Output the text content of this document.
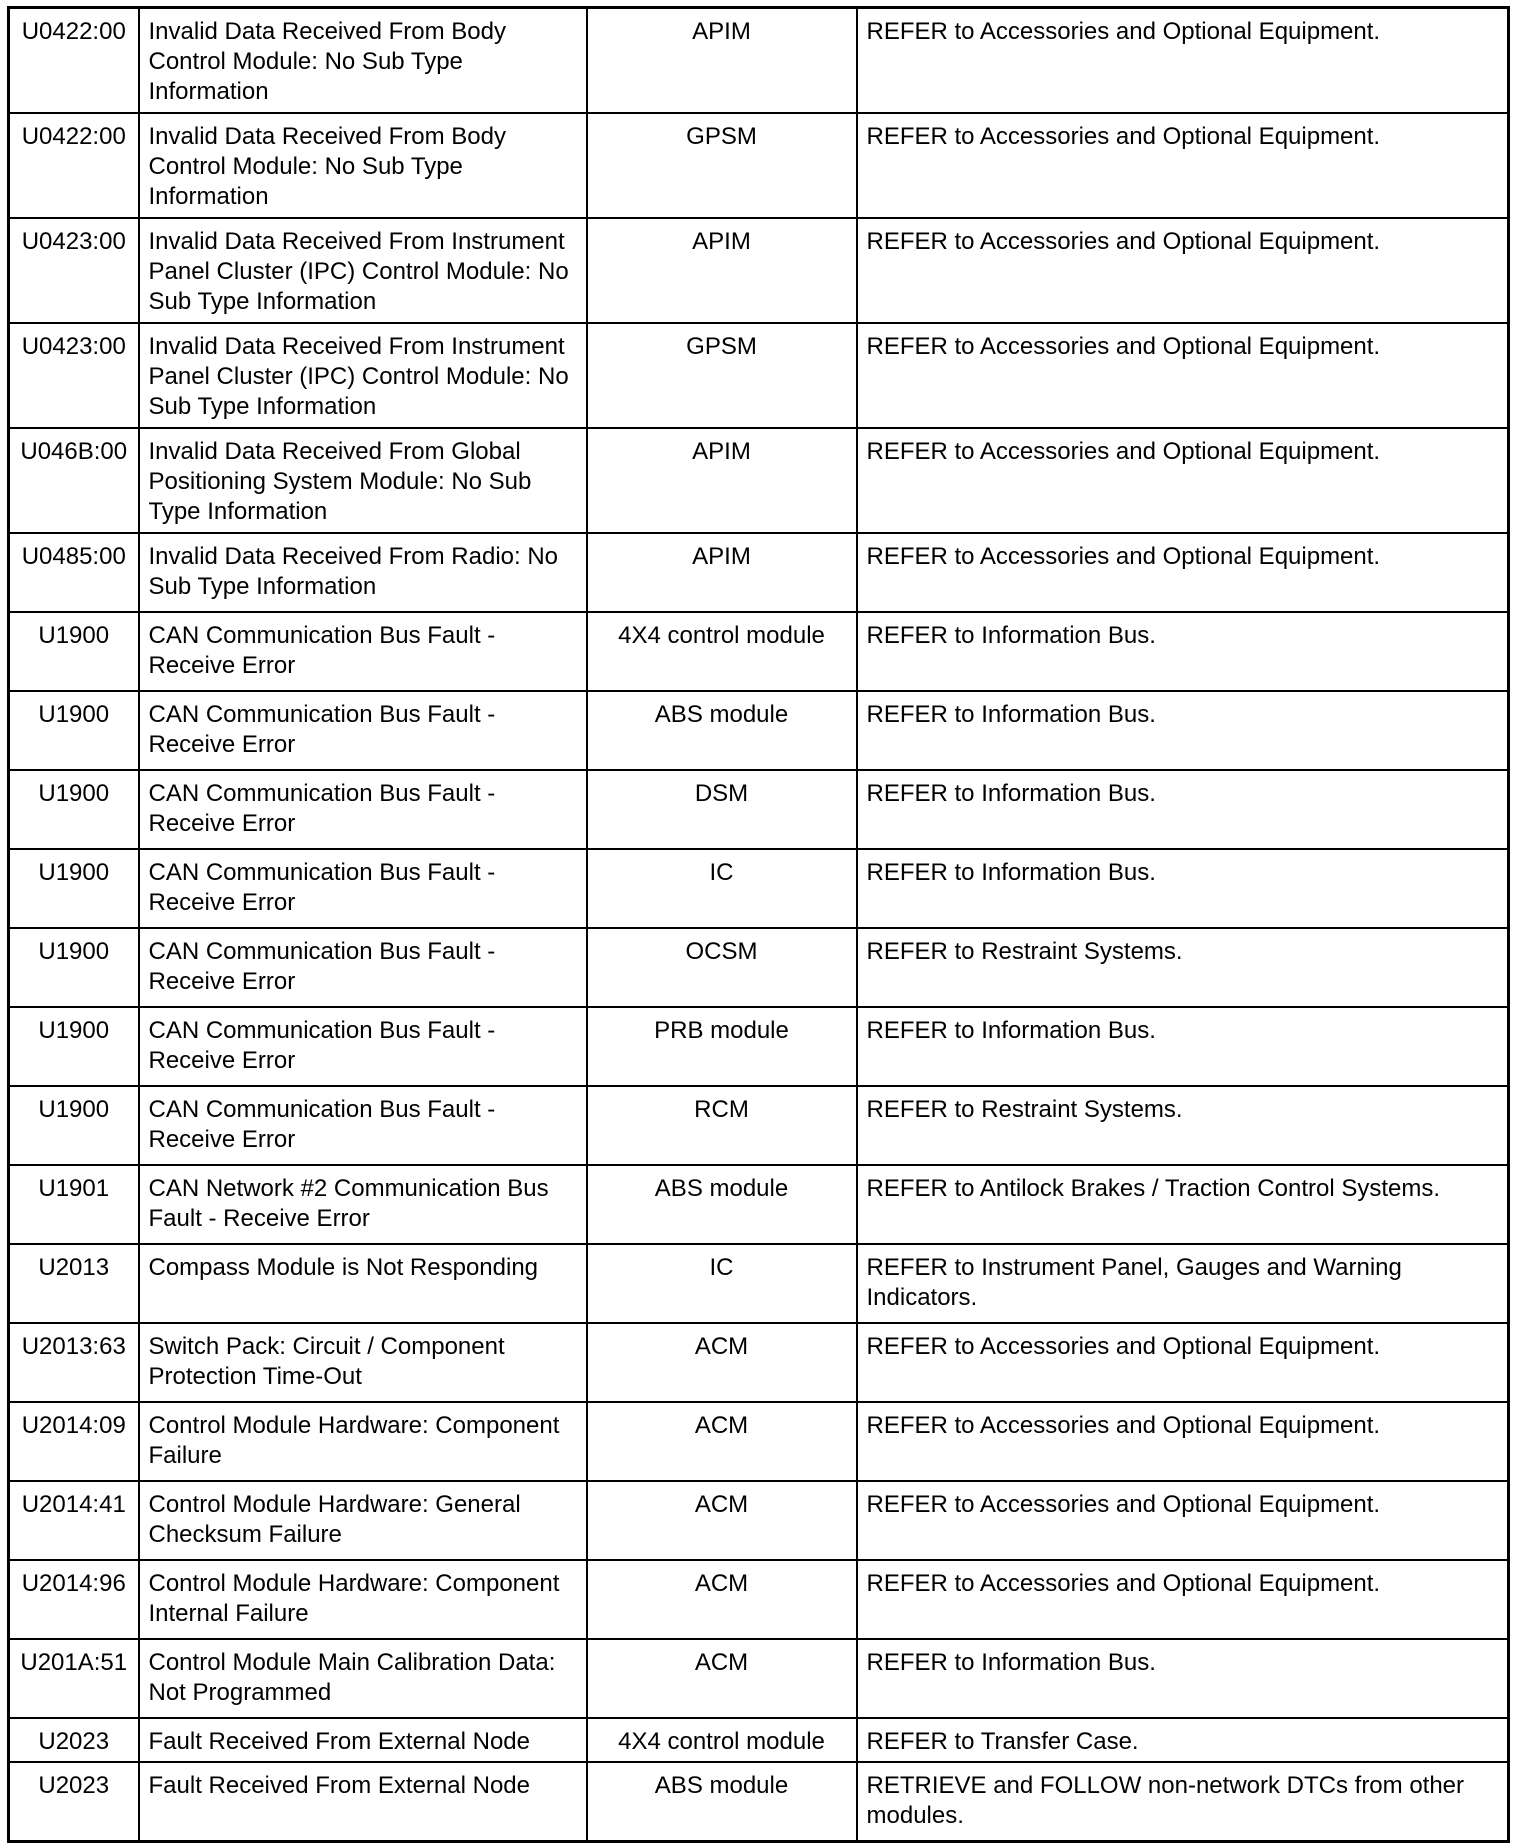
U0422:00	Invalid Data Received From Body Control Module: No Sub Type Information	APIM	REFER to Accessories and Optional Equipment.
U0422:00	Invalid Data Received From Body Control Module: No Sub Type Information	GPSM	REFER to Accessories and Optional Equipment.
U0423:00	Invalid Data Received From Instrument Panel Cluster (IPC) Control Module: No Sub Type Information	APIM	REFER to Accessories and Optional Equipment.
U0423:00	Invalid Data Received From Instrument Panel Cluster (IPC) Control Module: No Sub Type Information	GPSM	REFER to Accessories and Optional Equipment.
U046B:00	Invalid Data Received From Global Positioning System Module: No Sub Type Information	APIM	REFER to Accessories and Optional Equipment.
U0485:00	Invalid Data Received From Radio: No Sub Type Information	APIM	REFER to Accessories and Optional Equipment.
U1900	CAN Communication Bus Fault - Receive Error	4X4 control module	REFER to Information Bus.
U1900	CAN Communication Bus Fault - Receive Error	ABS module	REFER to Information Bus.
U1900	CAN Communication Bus Fault - Receive Error	DSM	REFER to Information Bus.
U1900	CAN Communication Bus Fault - Receive Error	IC	REFER to Information Bus.
U1900	CAN Communication Bus Fault - Receive Error	OCSM	REFER to Restraint Systems.
U1900	CAN Communication Bus Fault - Receive Error	PRB module	REFER to Information Bus.
U1900	CAN Communication Bus Fault - Receive Error	RCM	REFER to Restraint Systems.
U1901	CAN Network #2 Communication Bus Fault - Receive Error	ABS module	REFER to Antilock Brakes / Traction Control Systems.
U2013	Compass Module is Not Responding	IC	REFER to Instrument Panel, Gauges and Warning Indicators.
U2013:63	Switch Pack: Circuit / Component Protection Time-Out	ACM	REFER to Accessories and Optional Equipment.
U2014:09	Control Module Hardware: Component Failure	ACM	REFER to Accessories and Optional Equipment.
U2014:41	Control Module Hardware: General Checksum Failure	ACM	REFER to Accessories and Optional Equipment.
U2014:96	Control Module Hardware: Component Internal Failure	ACM	REFER to Accessories and Optional Equipment.
U201A:51	Control Module Main Calibration Data: Not Programmed	ACM	REFER to Information Bus.
U2023	Fault Received From External Node	4X4 control module	REFER to Transfer Case.
U2023	Fault Received From External Node	ABS module	RETRIEVE and FOLLOW non-network DTCs from other modules.
